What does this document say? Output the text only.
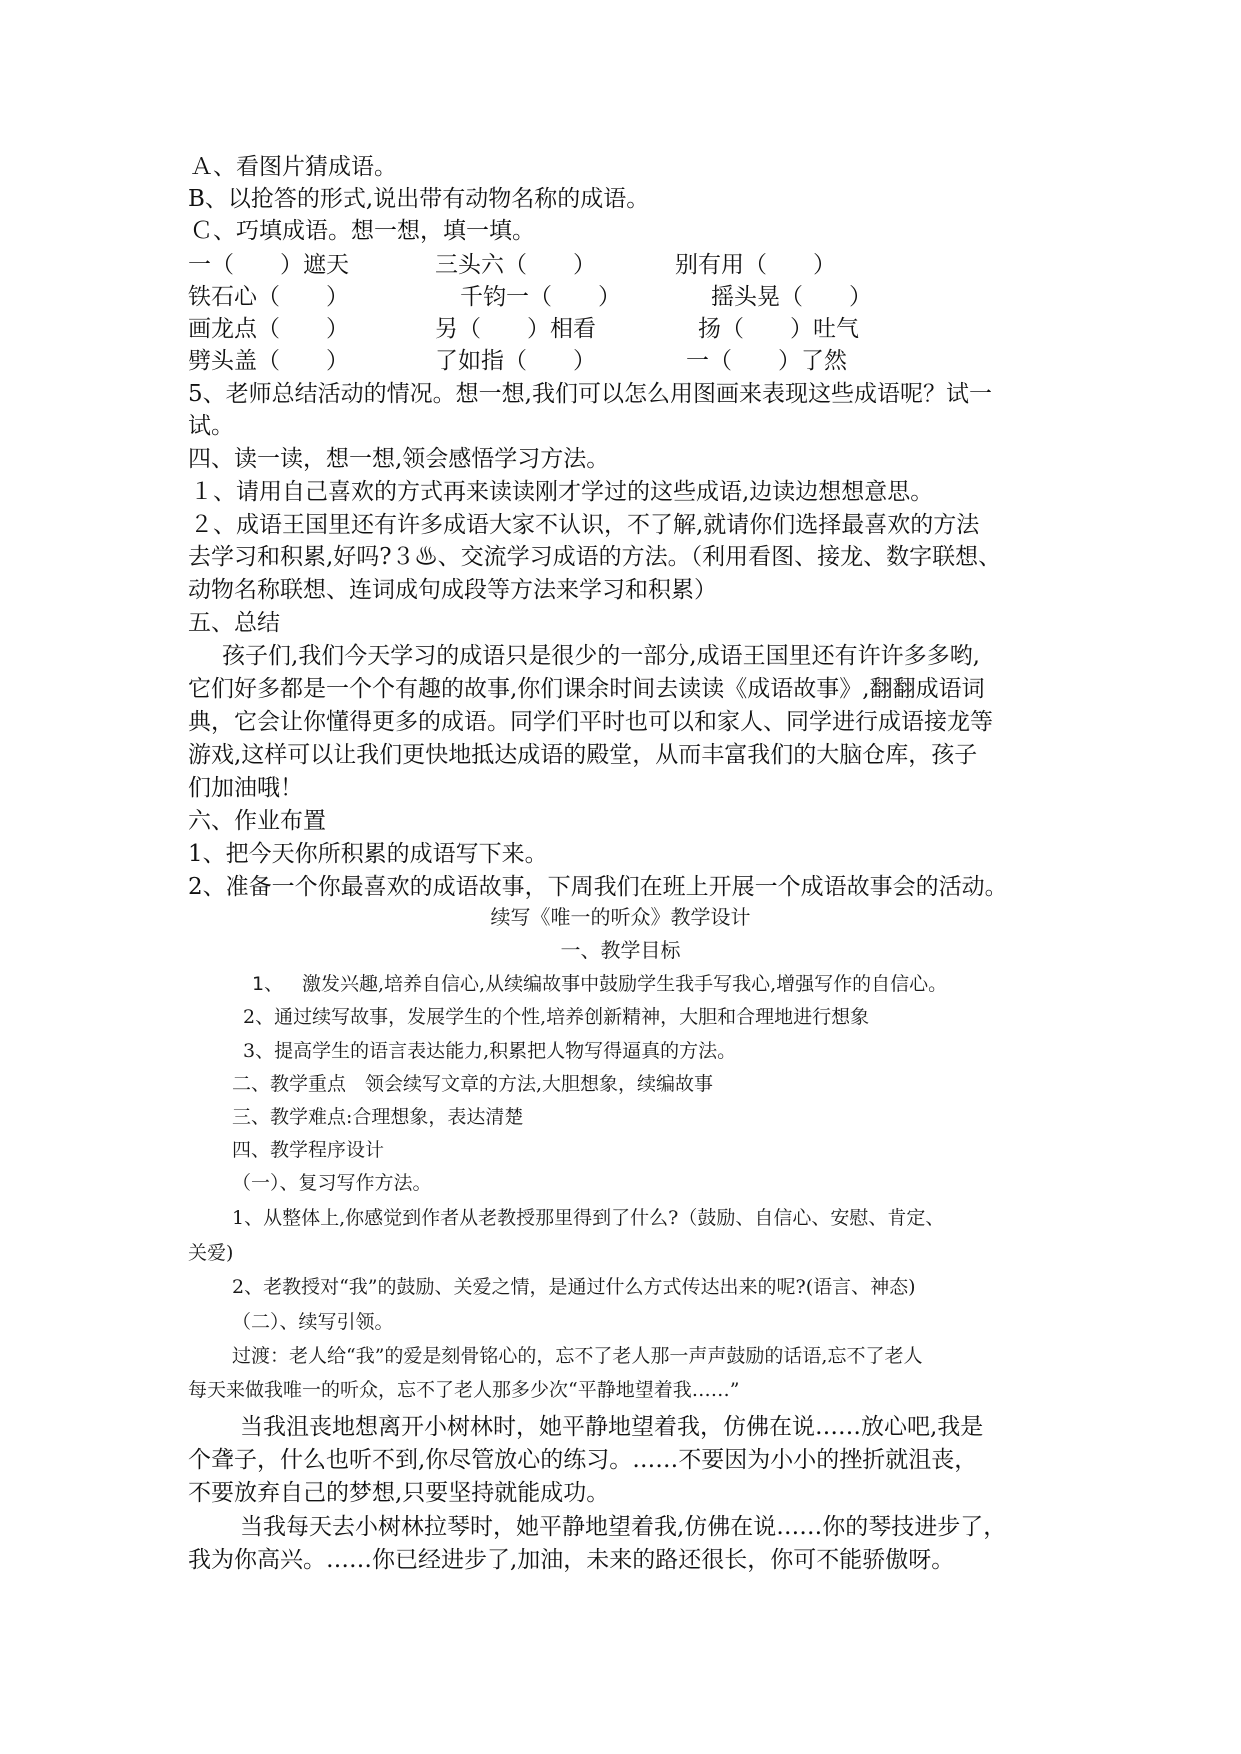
Ａ、看图片猜成语。
B、以抢答的形式,说出带有动物名称的成语。
Ｃ、巧填成语。想一想，填一填。
一（　　）遮天	三头六（　　）	别有用（　　）
铁石心（　　）	千钧一（　　）	摇头晃（　　）
画龙点（　　）	另（　　）相看	扬（　　）吐气
劈头盖（　　）	了如指（　　）	一（　　）了然
5、老师总结活动的情况。想一想,我们可以怎么用图画来表现这些成语呢？试一
试。
四、读一读，想一想,领会感悟学习方法。
１、请用自己喜欢的方式再来读读刚才学过的这些成语,边读边想想意思。
２、成语王国里还有许多成语大家不认识，不了解,就请你们选择最喜欢的方法
去学习和积累,好吗?３♨、交流学习成语的方法。（利用看图、接龙、数字联想、
动物名称联想、连词成句成段等方法来学习和积累）
五、总结
孩子们,我们今天学习的成语只是很少的一部分,成语王国里还有许许多多哟,
它们好多都是一个个有趣的故事,你们课余时间去读读《成语故事》,翻翻成语词
典，它会让你懂得更多的成语。同学们平时也可以和家人、同学进行成语接龙等
游戏,这样可以让我们更快地抵达成语的殿堂，从而丰富我们的大脑仓库，孩子
们加油哦！
六、作业布置
1、把今天你所积累的成语写下来。
2、准备一个你最喜欢的成语故事，下周我们在班上开展一个成语故事会的活动。
续写《唯一的听众》教学设计
一、教学目标
1、 激发兴趣,培养自信心,从续编故事中鼓励学生我手写我心,增强写作的自信心。
2、通过续写故事，发展学生的个性,培养创新精神，大胆和合理地进行想象
3、提高学生的语言表达能力,积累把人物写得逼真的方法。
二、教学重点　领会续写文章的方法,大胆想象，续编故事
三、教学难点:合理想象，表达清楚
四、教学程序设计
（一）、复习写作方法。
1、从整体上,你感觉到作者从老教授那里得到了什么?（鼓励、自信心、安慰、肯定、
关爱)
2、老教授对“我”的鼓励、关爱之情，是通过什么方式传达出来的呢?(语言、神态)
（二）、续写引领。
过渡：老人给“我”的爱是刻骨铭心的，忘不了老人那一声声鼓励的话语,忘不了老人
每天来做我唯一的听众，忘不了老人那多少次“平静地望着我……”
当我沮丧地想离开小树林时，她平静地望着我，仿佛在说……放心吧,我是
个聋子，什么也听不到,你尽管放心的练习。……不要因为小小的挫折就沮丧，
不要放弃自己的梦想,只要坚持就能成功。
当我每天去小树林拉琴时，她平静地望着我,仿佛在说……你的琴技进步了，
我为你高兴。……你已经进步了,加油，未来的路还很长，你可不能骄傲呀。
